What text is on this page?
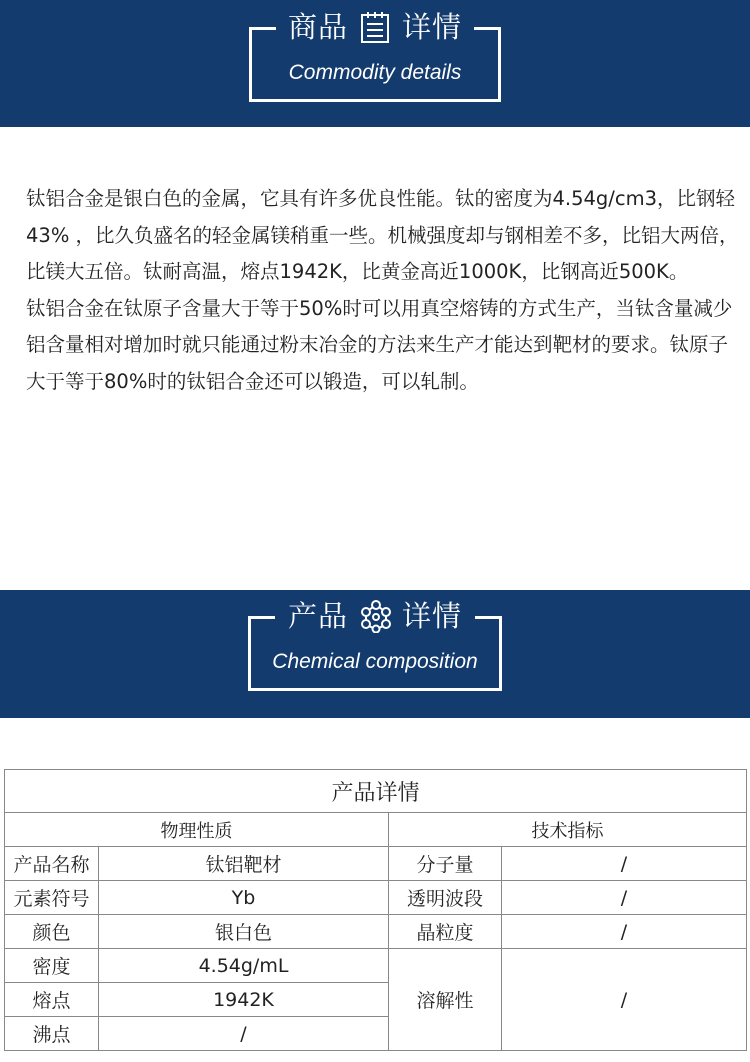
商品 详情
Commodity details

钛铝合金是银白色的金属，它具有许多优良性能。钛的密度为4.54g/cm3，比钢轻43% ，比久负盛名的轻金属镁稍重一些。机械强度却与钢相差不多，比铝大两倍，比镁大五倍。钛耐高温，熔点1942K，比黄金高近1000K，比钢高近500K。

钛铝合金在钛原子含量大于等于50%时可以用真空熔铸的方式生产，当钛含量减少铝含量相对增加时就只能通过粉末冶金的方法来生产才能达到靶材的要求。钛原子大于等于80%时的钛铝合金还可以锻造，可以轧制。

产品 详情
Chemical composition
产品详情			
物理性质		技术指标	
产品名称	钛铝靶材	分子量	/
元素符号	Yb	透明波段	/
颜色	银白色	晶粒度	/
密度	4.54g/mL	溶解性	/
熔点	1942K		
沸点	/		
